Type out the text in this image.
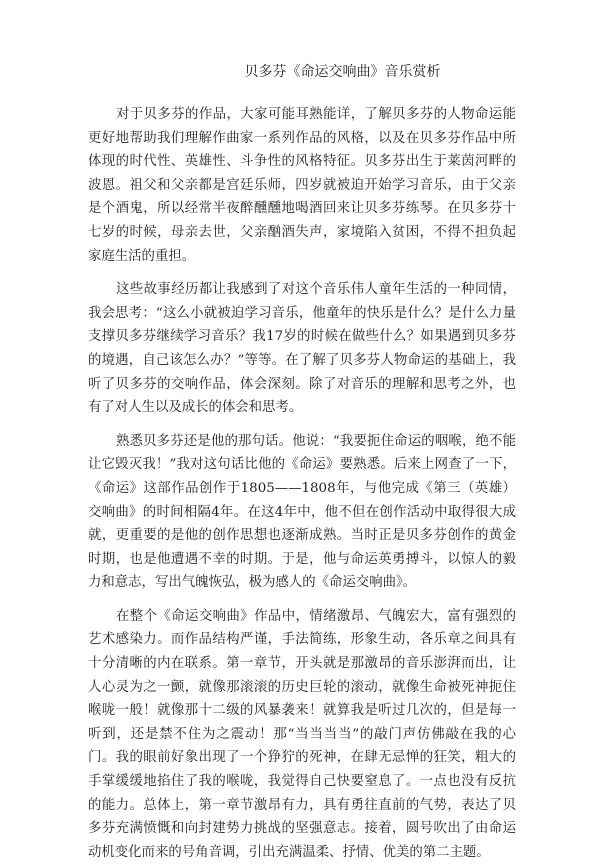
贝多芬《命运交响曲》音乐赏析

对于贝多芬的作品，大家可能耳熟能详，了解贝多芬的人物命运能更好地帮助我们理解作曲家一系列作品的风格，以及在贝多芬作品中所体现的时代性、英雄性、斗争性的风格特征。贝多芬出生于莱茵河畔的波恩。祖父和父亲都是宫廷乐师，四岁就被迫开始学习音乐，由于父亲是个酒鬼，所以经常半夜醉醺醺地喝酒回来让贝多芬练琴。在贝多芬十七岁的时候，母亲去世，父亲酗酒失声，家境陷入贫困，不得不担负起家庭生活的重担。

这些故事经历都让我感到了对这个音乐伟人童年生活的一种同情，我会思考：“这么小就被迫学习音乐，他童年的快乐是什么？是什么力量支撑贝多芬继续学习音乐？我17岁的时候在做些什么？如果遇到贝多芬的境遇，自己该怎么办？”等等。在了解了贝多芬人物命运的基础上，我听了贝多芬的交响作品，体会深刻。除了对音乐的理解和思考之外，也有了对人生以及成长的体会和思考。

熟悉贝多芬还是他的那句话。他说：“我要扼住命运的咽喉，绝不能让它毁灭我！”我对这句话比他的《命运》要熟悉。后来上网查了一下，《命运》这部作品创作于1805——1808年，与他完成《第三（英雄）交响曲》的时间相隔4年。在这4年中，他不但在创作活动中取得很大成就，更重要的是他的创作思想也逐渐成熟。当时正是贝多芬创作的黄金时期，也是他遭遇不幸的时期。于是，他与命运英勇搏斗，以惊人的毅力和意志，写出气魄恢弘，极为感人的《命运交响曲》。

在整个《命运交响曲》作品中，情绪激昂、气魄宏大，富有强烈的艺术感染力。而作品结构严谨，手法简练，形象生动，各乐章之间具有十分清晰的内在联系。第一章节，开头就是那激昂的音乐澎湃而出，让人心灵为之一颤，就像那滚滚的历史巨轮的滚动，就像生命被死神扼住喉咙一般！就像那十二级的风暴袭来！就算我是听过几次的，但是每一听到，还是禁不住为之震动！那“当当当当”的敲门声仿佛敲在我的心门。我的眼前好象出现了一个狰狞的死神，在肆无忌惮的狂笑，粗大的手掌缓缓地掐住了我的喉咙，我觉得自己快要窒息了。一点也没有反抗的能力。总体上，第一章节激昂有力，具有勇往直前的气势，表达了贝多芬充满愤慨和向封建势力挑战的坚强意志。接着，圆号吹出了由命运动机变化而来的号角音调，引出充满温柔、抒情、优美的第二主题。
